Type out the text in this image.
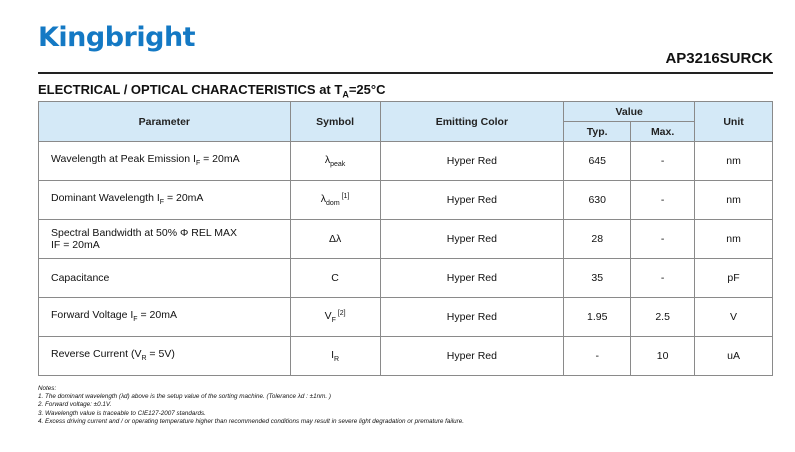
Kingbright
AP3216SURCK
ELECTRICAL / OPTICAL CHARACTERISTICS at $T_A=25^\circ C$
Parameter	Symbol	Emitting Color	Value		Unit
			Typ.	Max.	
Wavelength at Peak Emission $I_F = 20mA$	$\lambda_{peak}$	Hyper Red	645	-	nm
Dominant Wavelength $I_F = 20mA$	$\lambda_{dom}$ [1]	Hyper Red	630	-	nm
Spectral Bandwidth at 50% Φ REL MAX
IF = 20mA	Δλ	Hyper Red	28	-	nm
Capacitance	C	Hyper Red	35	-	pF
Forward Voltage $I_F = 20mA$	$V_F$ [2]	Hyper Red	1.95	2.5	V
Reverse Current $(V_R = 5V)$	$I_R$	Hyper Red	-	10	uA
Notes:
1. The dominant wavelength (λd) above is the setup value of the sorting machine. (Tolerance λd : ±1nm. )
2. Forward voltage: ±0.1V.
3. Wavelength value is traceable to CIE127-2007 standards.
4. Excess driving current and / or operating temperature higher than recommended conditions may result in severe light degradation or premature failure.
